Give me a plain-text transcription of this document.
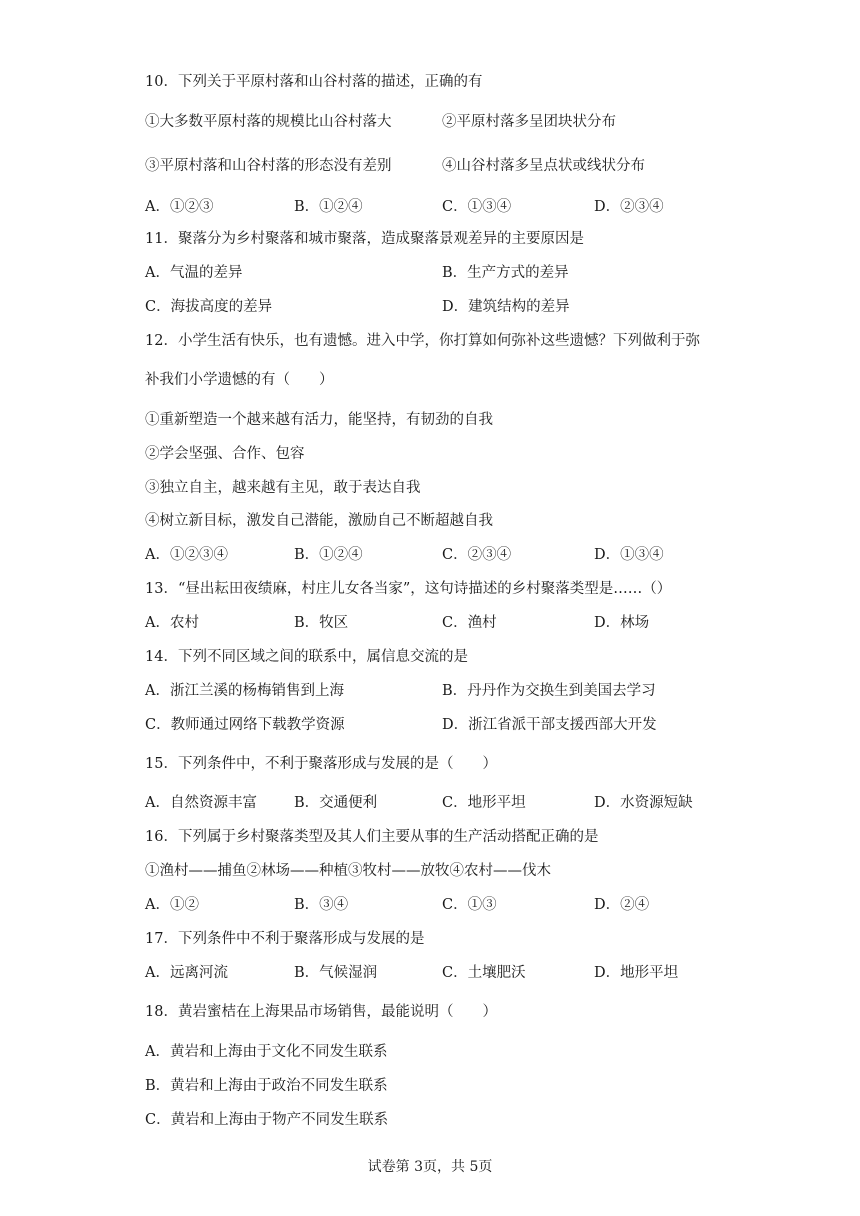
10．下列关于平原村落和山谷村落的描述，正确的有
①大多数平原村落的规模比山谷村落大	②平原村落多呈团块状分布
③平原村落和山谷村落的形态没有差别	④山谷村落多呈点状或线状分布
A．①②③	B．①②④	C．①③④	D．②③④
11．聚落分为乡村聚落和城市聚落，造成聚落景观差异的主要原因是
A．气温的差异	B．生产方式的差异
C．海拔高度的差异	D．建筑结构的差异
12．小学生活有快乐，也有遗憾。进入中学，你打算如何弥补这些遗憾？下列做利于弥
补我们小学遗憾的有（　　）
①重新塑造一个越来越有活力，能坚持，有韧劲的自我
②学会坚强、合作、包容
③独立自主，越来越有主见，敢于表达自我
④树立新目标，激发自己潜能，激励自己不断超越自我
A．①②③④	B．①②④	C．②③④	D．①③④
13．“昼出耘田夜绩麻，村庄儿女各当家”，这句诗描述的乡村聚落类型是……（）
A．农村	B．牧区	C．渔村	D．林场
14．下列不同区域之间的联系中，属信息交流的是
A．浙江兰溪的杨梅销售到上海	B．丹丹作为交换生到美国去学习
C．教师通过网络下载教学资源	D．浙江省派干部支援西部大开发
15．下列条件中，不利于聚落形成与发展的是（　　）
A．自然资源丰富	B．交通便利	C．地形平坦	D．水资源短缺
16．下列属于乡村聚落类型及其人们主要从事的生产活动搭配正确的是
①渔村——捕鱼②林场——种植③牧村——放牧④农村——伐木
A．①②	B．③④	C．①③	D．②④
17．下列条件中不利于聚落形成与发展的是
A．远离河流	B．气候湿润	C．土壤肥沃	D．地形平坦
18．黄岩蜜桔在上海果品市场销售，最能说明（　　）
A．黄岩和上海由于文化不同发生联系
B．黄岩和上海由于政治不同发生联系
C．黄岩和上海由于物产不同发生联系
试卷第 3页，共 5页
